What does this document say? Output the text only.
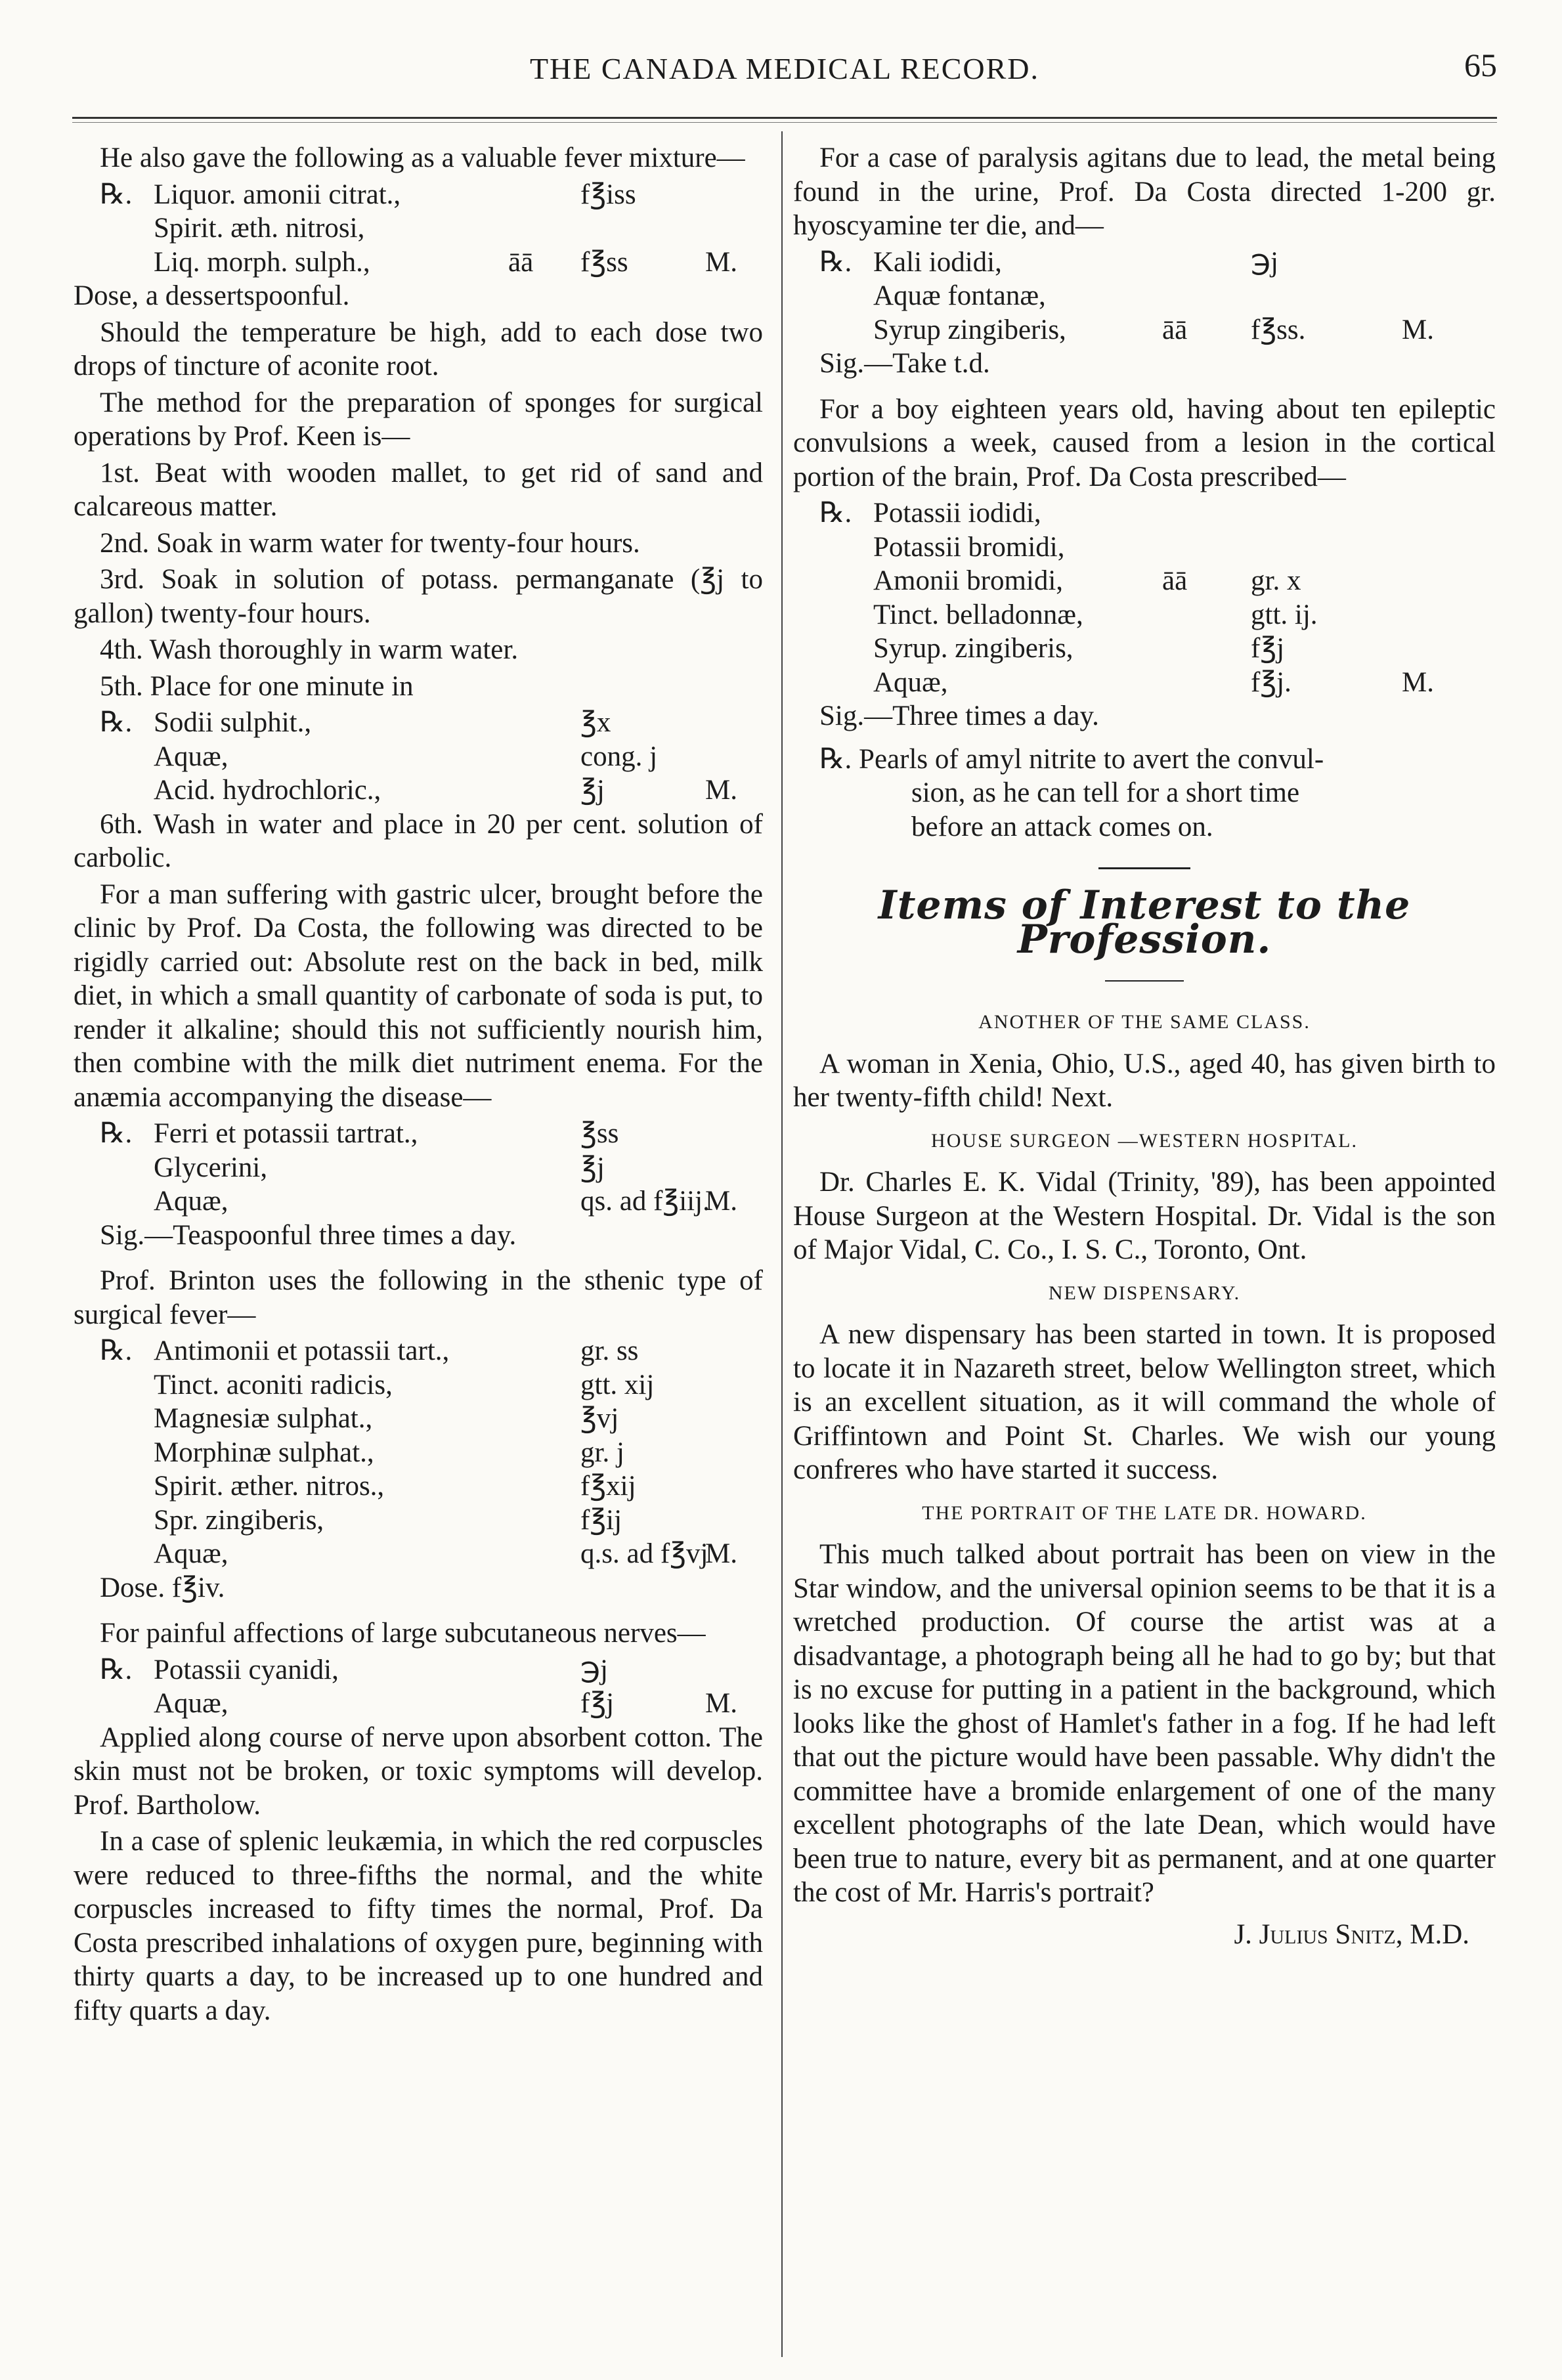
THE CANADA MEDICAL RECORD.	65

He also gave the following as a valuable fever mixture—

℞. Liquor. amonii citrat.,	f℥iss
Spirit. æth. nitrosi,
Liq. morph. sulph.,	āā	f℥ss	M.

Dose, a dessertspoonful.

Should the temperature be high, add to each dose two drops of tincture of aconite root.

The method for the preparation of sponges for surgical operations by Prof. Keen is—

1st. Beat with wooden mallet, to get rid of sand and calcareous matter.

2nd. Soak in warm water for twenty-four hours.

3rd. Soak in solution of potass. permanganate (℥j to gallon) twenty-four hours.

4th. Wash thoroughly in warm water.

5th. Place for one minute in

℞. Sodii sulphit.,	℥x
Aquæ,	cong. j
Acid. hydrochloric.,	℥j	M.

6th. Wash in water and place in 20 per cent. solution of carbolic.

For a man suffering with gastric ulcer, brought before the clinic by Prof. Da Costa, the following was directed to be rigidly carried out: Absolute rest on the back in bed, milk diet, in which a small quantity of carbonate of soda is put, to render it alkaline; should this not sufficiently nourish him, then combine with the milk diet nutriment enema. For the anæmia accompanying the disease—

℞. Ferri et potassii tartrat.,	℥ss
Glycerini,	℥j
Aquæ,	qs. ad f℥iij.
M.

Sig.—Teaspoonful three times a day.

Prof. Brinton uses the following in the sthenic type of surgical fever—

℞. Antimonii et potassii tart.,	gr. ss
Tinct. aconiti radicis,	gtt. xij
Magnesiæ sulphat.,	℥vj
Morphinæ sulphat.,	gr. j
Spirit. æther. nitros.,	f℥xij
Spr. zingiberis,	f℥ij
Aquæ,	q.s. ad f℥vj
M.

Dose. f℥iv.

For painful affections of large subcutaneous nerves—

℞. Potassii cyanidi,	℈j
Aquæ,	f℥j	M.

Applied along course of nerve upon absorbent cotton. The skin must not be broken, or toxic symptoms will develop. Prof. Bartholow.

In a case of splenic leukæmia, in which the red corpuscles were reduced to three-fifths the normal, and the white corpuscles increased to fifty times the normal, Prof. Da Costa prescribed inhalations of oxygen pure, beginning with thirty quarts a day, to be increased up to one hundred and fifty quarts a day.

For a case of paralysis agitans due to lead, the metal being found in the urine, Prof. Da Costa directed 1-200 gr. hyoscyamine ter die, and—

℞. Kali iodidi,	℈j
Aquæ fontanæ,
Syrup zingiberis,	āā	f℥ss.	M.

Sig.—Take t.d.

For a boy eighteen years old, having about ten epileptic convulsions a week, caused from a lesion in the cortical portion of the brain, Prof. Da Costa prescribed—

℞. Potassii iodidi,
Potassii bromidi,
Amonii bromidi,	āā	gr. x
Tinct. belladonnæ,	gtt. ij.
Syrup. zingiberis,	f℥j
Aquæ,	f℥j.	M.

Sig.—Three times a day.

℞. Pearls of amyl nitrite to avert the convul-
sion, as he can tell for a short time
before an attack comes on.
Items of Interest to the Profession.
ANOTHER OF THE SAME CLASS.

A woman in Xenia, Ohio, U.S., aged 40, has given birth to her twenty-fifth child! Next.

HOUSE SURGEON —WESTERN HOSPITAL.

Dr. Charles E. K. Vidal (Trinity, '89), has been appointed House Surgeon at the Western Hospital. Dr. Vidal is the son of Major Vidal, C. Co., I. S. C., Toronto, Ont.

NEW DISPENSARY.

A new dispensary has been started in town. It is proposed to locate it in Nazareth street, below Wellington street, which is an excellent situation, as it will command the whole of Griffintown and Point St. Charles. We wish our young confreres who have started it success.

THE PORTRAIT OF THE LATE DR. HOWARD.

This much talked about portrait has been on view in the Star window, and the universal opinion seems to be that it is a wretched production. Of course the artist was at a disadvantage, a photograph being all he had to go by; but that is no excuse for putting in a patient in the background, which looks like the ghost of Hamlet's father in a fog. If he had left that out the picture would have been passable. Why didn't the committee have a bromide enlargement of one of the many excellent photographs of the late Dean, which would have been true to nature, every bit as permanent, and at one quarter the cost of Mr. Harris's portrait?

J. Julius Snitz, M.D.
